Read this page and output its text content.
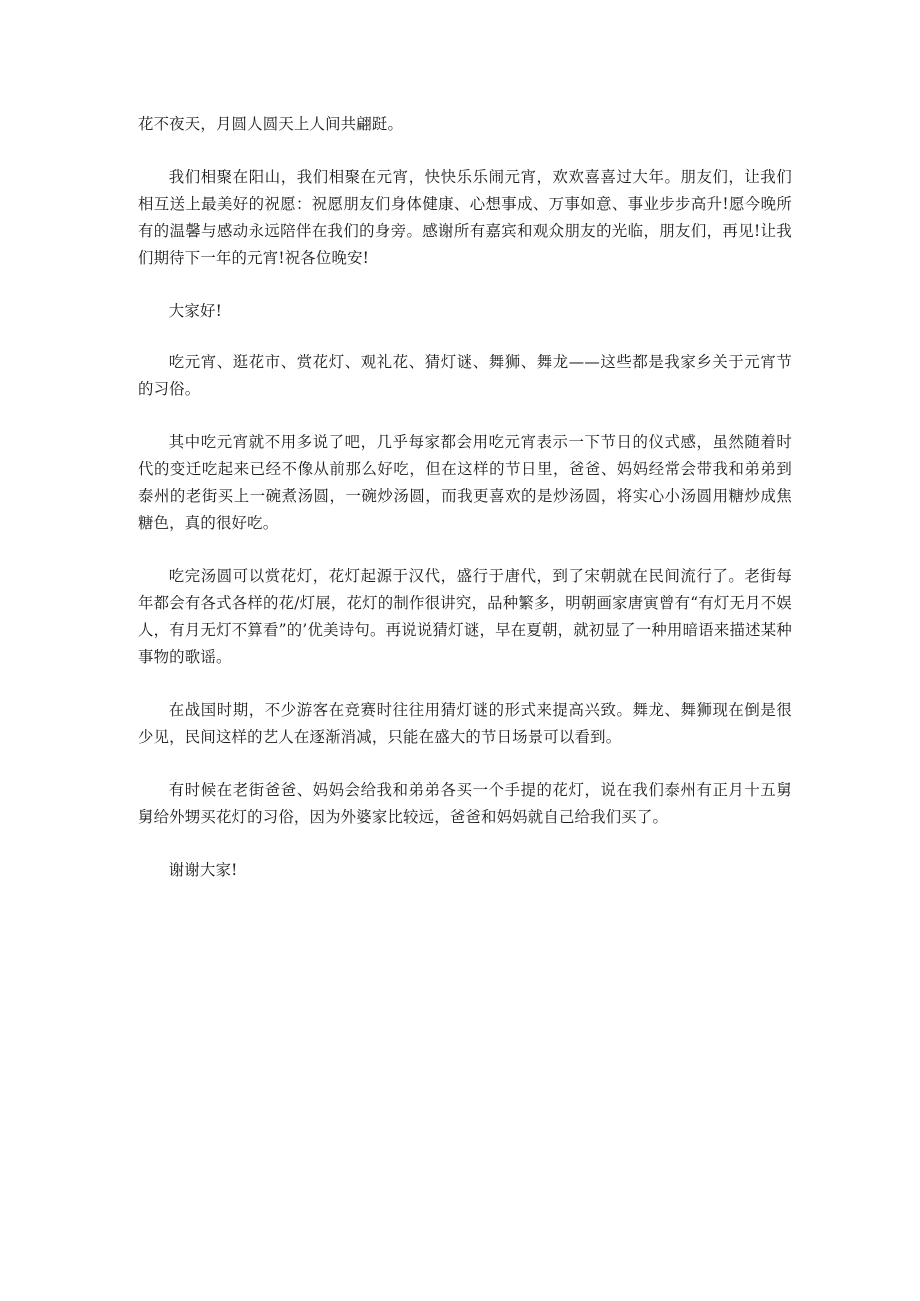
花不夜天，月圆人圆天上人间共翩跹。

我们相聚在阳山，我们相聚在元宵，快快乐乐闹元宵，欢欢喜喜过大年。朋友们，让我们相互送上最美好的祝愿：祝愿朋友们身体健康、心想事成、万事如意、事业步步高升!愿今晚所有的温馨与感动永远陪伴在我们的身旁。感谢所有嘉宾和观众朋友的光临，朋友们，再见!让我们期待下一年的元宵!祝各位晚安!

大家好!

吃元宵、逛花市、赏花灯、观礼花、猜灯谜、舞狮、舞龙——这些都是我家乡关于元宵节的习俗。

其中吃元宵就不用多说了吧，几乎每家都会用吃元宵表示一下节日的仪式感，虽然随着时代的变迁吃起来已经不像从前那么好吃，但在这样的节日里，爸爸、妈妈经常会带我和弟弟到泰州的老街买上一碗煮汤圆，一碗炒汤圆，而我更喜欢的是炒汤圆，将实心小汤圆用糖炒成焦糖色，真的很好吃。

吃完汤圆可以赏花灯，花灯起源于汉代，盛行于唐代，到了宋朝就在民间流行了。老街每年都会有各式各样的花/灯展，花灯的制作很讲究，品种繁多，明朝画家唐寅曾有“有灯无月不娱人，有月无灯不算看”的’优美诗句。再说说猜灯谜，早在夏朝，就初显了一种用暗语来描述某种事物的歌谣。

在战国时期，不少游客在竞赛时往往用猜灯谜的形式来提高兴致。舞龙、舞狮现在倒是很少见，民间这样的艺人在逐渐消减，只能在盛大的节日场景可以看到。

有时候在老街爸爸、妈妈会给我和弟弟各买一个手提的花灯，说在我们泰州有正月十五舅舅给外甥买花灯的习俗，因为外婆家比较远，爸爸和妈妈就自己给我们买了。

谢谢大家!
